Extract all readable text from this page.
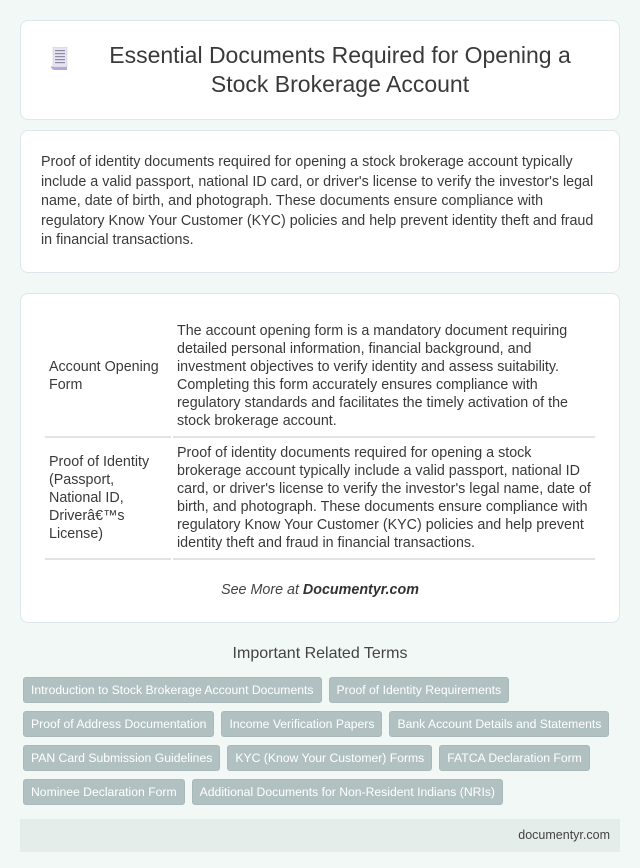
Essential Documents Required for Opening a Stock Brokerage Account
Proof of identity documents required for opening a stock brokerage account typically include a valid passport, national ID card, or driver's license to verify the investor's legal name, date of birth, and photograph. These documents ensure compliance with regulatory Know Your Customer (KYC) policies and help prevent identity theft and fraud in financial transactions.
Account Opening Form	The account opening form is a mandatory document requiring detailed personal information, financial background, and investment objectives to verify identity and assess suitability. Completing this form accurately ensures compliance with regulatory standards and facilitates the timely activation of the stock brokerage account.
Proof of Identity (Passport, National ID, Driverâ€™s License)	Proof of identity documents required for opening a stock brokerage account typically include a valid passport, national ID card, or driver's license to verify the investor's legal name, date of birth, and photograph. These documents ensure compliance with regulatory Know Your Customer (KYC) policies and help prevent identity theft and fraud in financial transactions.
See More at Documentyr.com
Important Related Terms
Introduction to Stock Brokerage Account Documents	Proof of Identity Requirements
Proof of Address Documentation	Income Verification Papers	Bank Account Details and Statements
PAN Card Submission Guidelines	KYC (Know Your Customer) Forms	FATCA Declaration Form
Nominee Declaration Form	Additional Documents for Non-Resident Indians (NRIs)
documentyr.com
